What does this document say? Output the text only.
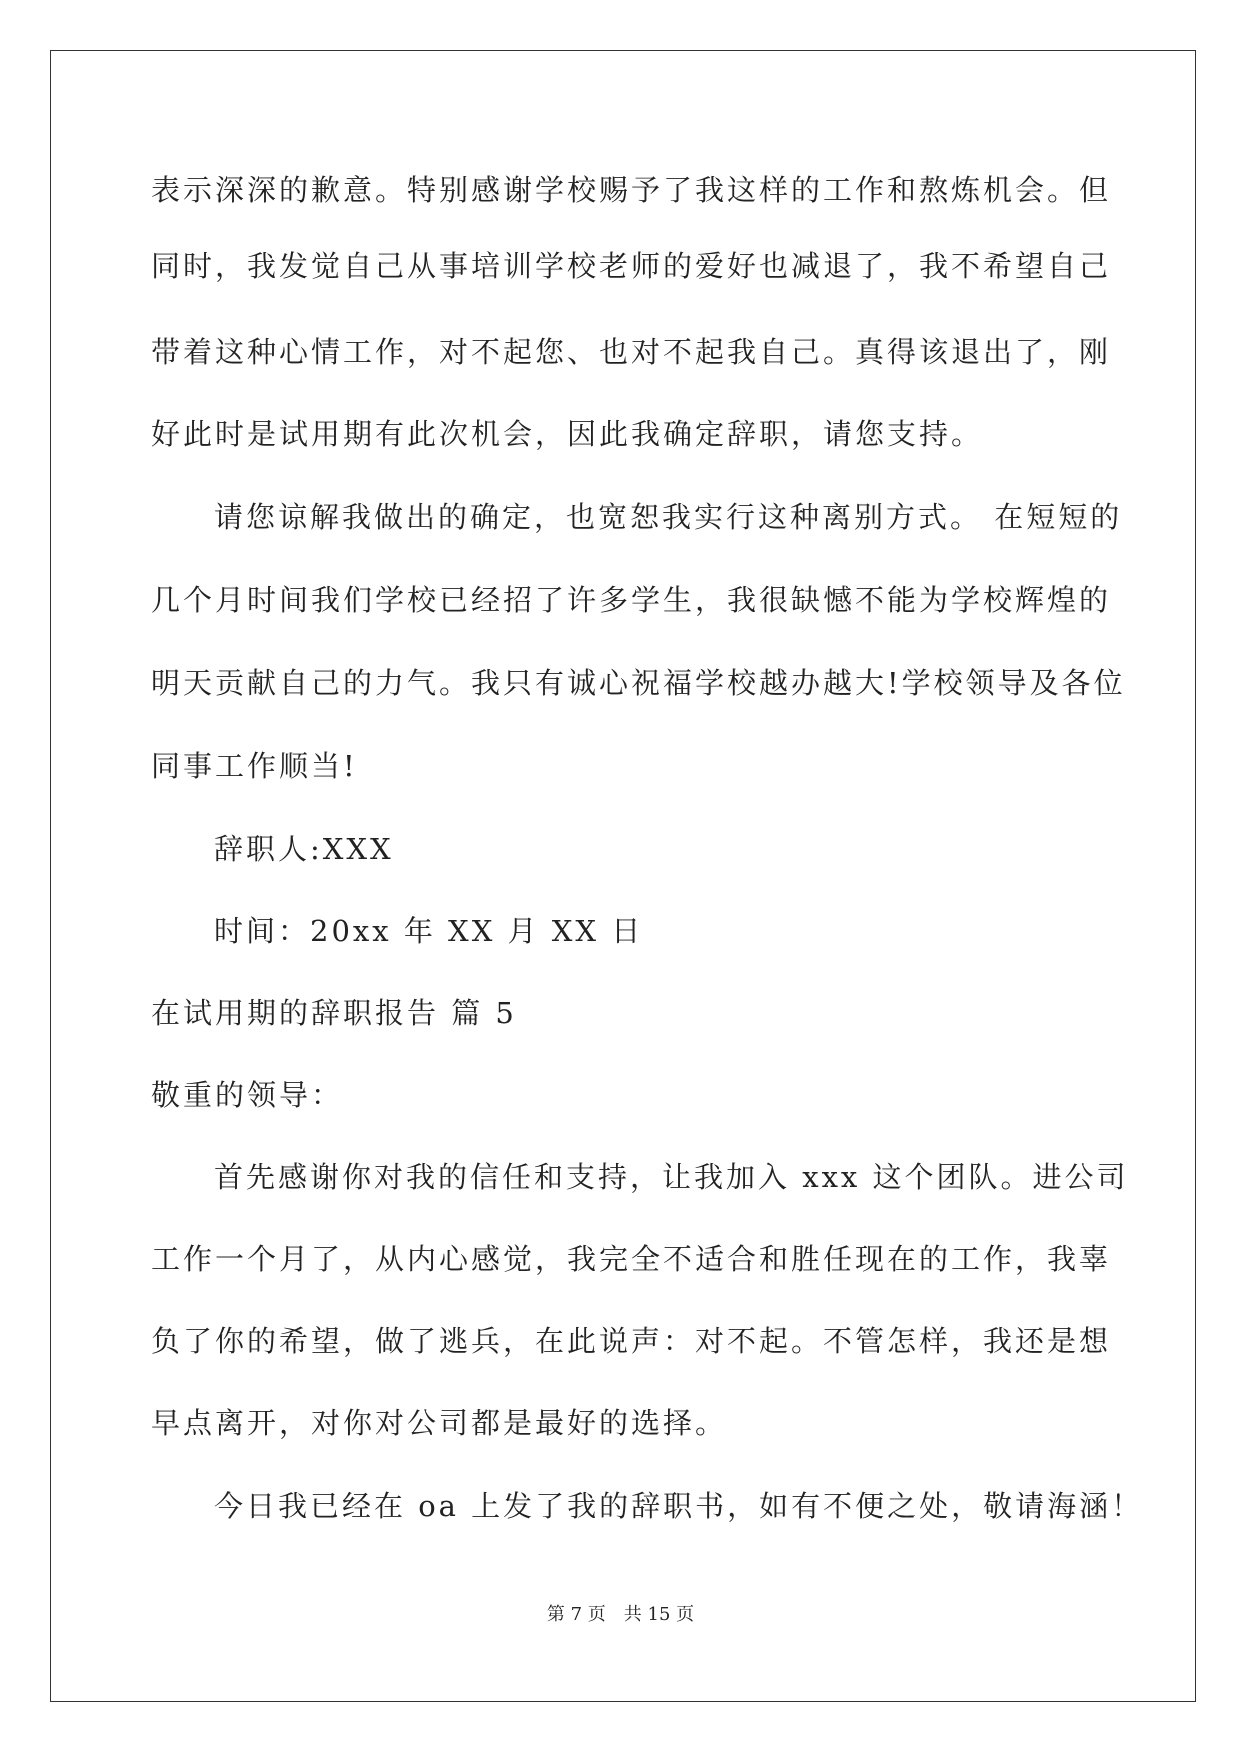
表示深深的歉意。特别感谢学校赐予了我这样的工作和熬炼机会。但
同时，我发觉自己从事培训学校老师的爱好也减退了，我不希望自己
带着这种心情工作，对不起您、也对不起我自己。真得该退出了，刚
好此时是试用期有此次机会，因此我确定辞职，请您支持。
请您谅解我做出的确定，也宽恕我实行这种离别方式。 在短短的
几个月时间我们学校已经招了许多学生，我很缺憾不能为学校辉煌的
明天贡献自己的力气。我只有诚心祝福学校越办越大!学校领导及各位
同事工作顺当!
辞职人:XXX
时间：20xx 年 XX 月 XX 日
在试用期的辞职报告 篇 5
敬重的领导：
首先感谢你对我的信任和支持，让我加入 xxx 这个团队。进公司
工作一个月了，从内心感觉，我完全不适合和胜任现在的工作，我辜
负了你的希望，做了逃兵，在此说声：对不起。不管怎样，我还是想
早点离开，对你对公司都是最好的选择。
今日我已经在 oa 上发了我的辞职书，如有不便之处，敬请海涵！
第 7 页　共 15 页
